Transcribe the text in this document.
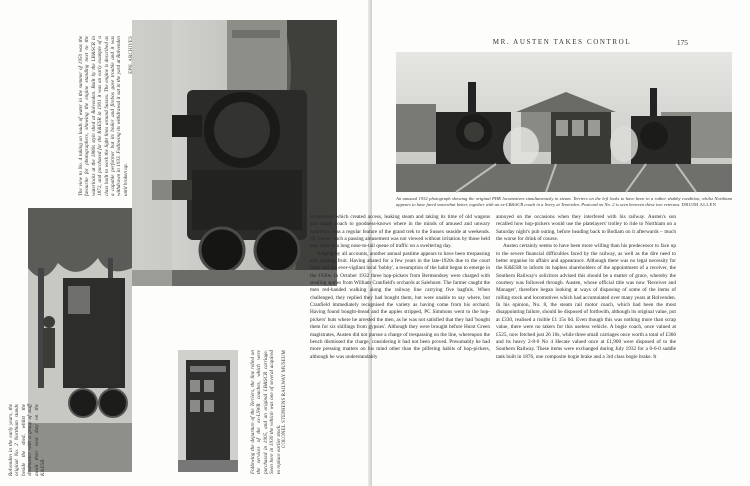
The view to No. 4 taking on loads of water in the summer of 1950 was the favourite for photographers, showing the engine standing next to the waterlocks at the 1880s style shed at Rolvenden. Built by the LB&SCR in 1872, and purchased for the K&ESR in 1901 it was an early example of a class built to work the light lines around Sussex. The engine is described as a capable performer but its boiler and firebox gave trouble and it was withdrawn in 1933. Following its withdrawal it sat in the yard at Rolvenden until broken up.
EPH. ARCHIVES
Rolvenden in the early years, the original No. 2 Northiam stands beside the shed, whilst the shedmaster with a group of staff await their next duty on the K&ESR.	Following the departure of the Terriers, the line relied on the services of the ex-LSWR coaches, which were purchased in 1905, and an original LB&SCR carriage. Seen here in 1930 the vehicle was one of several acquired to replace earlier stock.
COLONEL STEPHENS RAILWAY MUSEUM
MR. AUSTEN TAKES CONTROL	175
An unusual 1932 photograph showing the original PHR locomotives simultaneously in steam. Terriers on the left looks to have been in a rather shabby condition, whilst Northiam appears to have fared somewhat better, together with an ex-LB&SCR coach in a livery at Tenterden. Postcard on No. 2 is seen between these two veterans. DRUIM ALLEN

locomotive which created access, leaking steam and taking its time of old wagons and single coach to goodness-knows where in the minds of amused and unwary motorists, was a regular feature of the grand trek to the Sussex seaside at weekends. Of course, such a passing amusement was not viewed without irritation by those held way back in a long nose-to-tail queue of traffic on a sweltering day.

Judging by all accounts, another annual pastime appears to have been trespassing and stealing fruit. Having abated for a few years in the late-1920s due to the court fines and the ever-vigilant local 'bobby', a resumption of the habit began to emerge in the 1930s. In October 1932 three hop-pickers from Bermondsey were charged with stealing apples from William Cranfield's orchards at Salehurst. The farmer caught the men red-handed walking along the railway line carrying five bagfuls. When challenged, they replied they had bought them, but were unable to say where, but Cranfield immediately recognised the variety as having come from his orchard. Having found bought-bread and the apples stripped, PC Simmons went to the hop-pickers' huts where he arrested the men, as he was not satisfied that they had 'bought them for six shillings from gypsies'. Although they were brought before Hurst Green magistrates, Austen did not pursue a charge of trespassing on the line, whereupon the bench dismissed the charge, considering it had not been proved. Presumably he had more pressing matters on his mind other than the pilfering habits of hop-pickers, although he was understandably

annoyed on the occasions when they interfered with his railway. Austen's son recalled how hop-pickers would use the platelayers' trolley to ride to Northiam on a Saturday night's pub outing, before heading back to Bodiam on it afterwards – much the worse for drink of course.

Austen certainly seems to have been more willing than his predecessor to face up to the severe financial difficulties faced by the railway, as well as the dire need to better organise its affairs and appearance. Although there was no legal necessity for the K&ESR to inform its hapless shareholders of the appointment of a receiver, the Southern Railway's solicitors advised this should be a matter of grace, whereby the courtesy was followed through. Austen, whose official title was now 'Receiver and Manager', therefore began looking at ways of disposing of some of the items of rolling stock and locomotives which had accumulated over many years at Rolvenden. In his opinion, No. 8, the steam rail motor coach, which had been the most disappointing failure, should be disposed of forthwith, although its original value, put at £330, realised a risible £1 15s 0d. Even though this was nothing more than scrap value, there were no takers for this useless vehicle. A bogie coach, once valued at £525, now fetched just 26 10s, while three small carriages once worth a total of £366 and its heavy 2-8-0 No 4 Hecate valued once at £1,900 were disposed of to the Southern Railway. These items were exchanged during July 1932 for a 0-6-0 saddle tank built in 1876, one composite bogie brake and a 3rd class bogie brake. It
